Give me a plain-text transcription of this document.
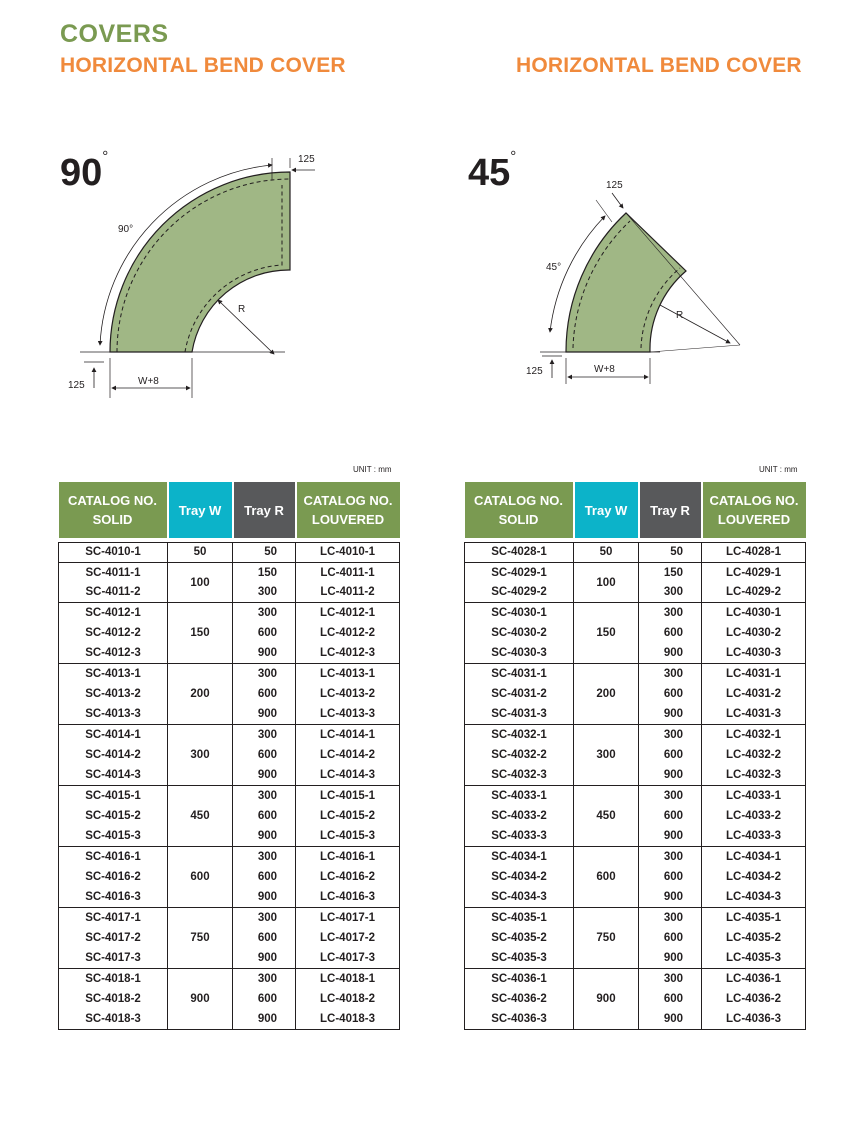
COVERS
HORIZONTAL BEND COVER	HORIZONTAL BEND COVER
90°	45°
125
90°
R
W+8
125
R
125
45°
W+8
125
UNIT : mm	UNIT : mm
CATALOG NO.
SOLID	Tray W	Tray R	CATALOG NO.
LOUVERED

SC-4010-1	50	50	LC-4010-1
SC-4011-1	100	150	LC-4011-1
SC-4011-2		300	LC-4011-2
SC-4012-1	150	300	LC-4012-1
SC-4012-2		600	LC-4012-2
SC-4012-3		900	LC-4012-3
SC-4013-1	200	300	LC-4013-1
SC-4013-2		600	LC-4013-2
SC-4013-3		900	LC-4013-3
SC-4014-1	300	300	LC-4014-1
SC-4014-2		600	LC-4014-2
SC-4014-3		900	LC-4014-3
SC-4015-1	450	300	LC-4015-1
SC-4015-2		600	LC-4015-2
SC-4015-3		900	LC-4015-3
SC-4016-1	600	300	LC-4016-1
SC-4016-2		600	LC-4016-2
SC-4016-3		900	LC-4016-3
SC-4017-1	750	300	LC-4017-1
SC-4017-2		600	LC-4017-2
SC-4017-3		900	LC-4017-3
SC-4018-1	900	300	LC-4018-1
SC-4018-2		600	LC-4018-2
SC-4018-3		900	LC-4018-3
CATALOG NO.
SOLID	Tray W	Tray R	CATALOG NO.
LOUVERED

SC-4028-1	50	50	LC-4028-1
SC-4029-1	100	150	LC-4029-1
SC-4029-2		300	LC-4029-2
SC-4030-1	150	300	LC-4030-1
SC-4030-2		600	LC-4030-2
SC-4030-3		900	LC-4030-3
SC-4031-1	200	300	LC-4031-1
SC-4031-2		600	LC-4031-2
SC-4031-3		900	LC-4031-3
SC-4032-1	300	300	LC-4032-1
SC-4032-2		600	LC-4032-2
SC-4032-3		900	LC-4032-3
SC-4033-1	450	300	LC-4033-1
SC-4033-2		600	LC-4033-2
SC-4033-3		900	LC-4033-3
SC-4034-1	600	300	LC-4034-1
SC-4034-2		600	LC-4034-2
SC-4034-3		900	LC-4034-3
SC-4035-1	750	300	LC-4035-1
SC-4035-2		600	LC-4035-2
SC-4035-3		900	LC-4035-3
SC-4036-1	900	300	LC-4036-1
SC-4036-2		600	LC-4036-2
SC-4036-3		900	LC-4036-3
